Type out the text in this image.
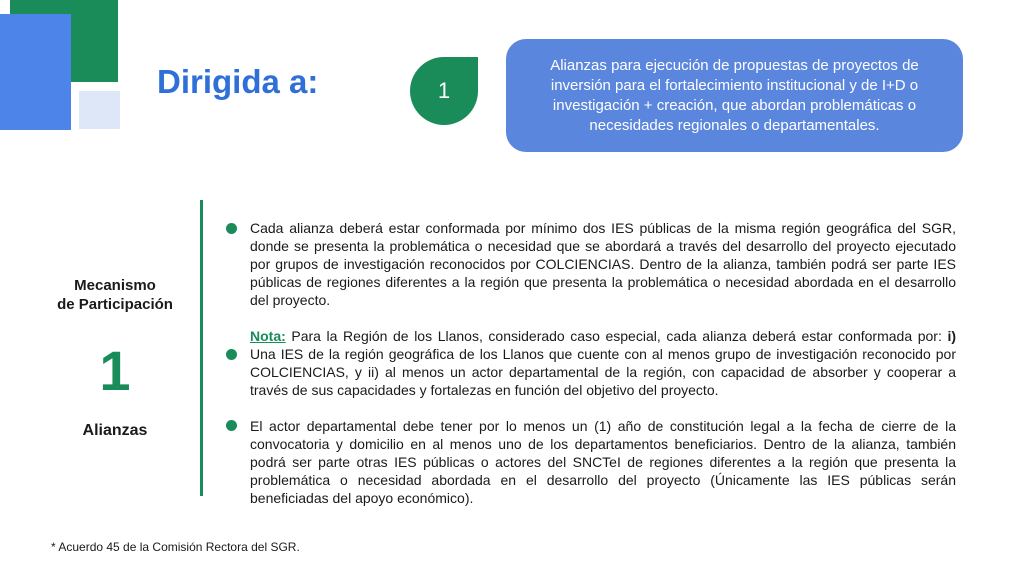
Dirigida a:	1
Alianzas para ejecución de propuestas de proyectos de inversión para el fortalecimiento institucional y de I+D o investigación + creación, que abordan problemáticas o necesidades regionales o departamentales.
Mecanismo
de Participación
1
Alianzas
Cada alianza deberá estar conformada por mínimo dos IES públicas de la misma región geográfica del SGR, donde se presenta la problemática o necesidad que se abordará a través del desarrollo del proyecto ejecutado por grupos de investigación reconocidos por COLCIENCIAS. Dentro de la alianza, también podrá ser parte IES públicas de regiones diferentes a la región que presenta la problemática o necesidad abordada en el desarrollo del proyecto.
Nota: Para la Región de los Llanos, considerado caso especial, cada alianza deberá estar conformada por: i) Una IES de la región geográfica de los Llanos que cuente con al menos grupo de investigación reconocido por COLCIENCIAS, y ii) al menos un actor departamental de la región, con capacidad de absorber y cooperar a través de sus capacidades y fortalezas en función del objetivo del proyecto.
El actor departamental debe tener por lo menos un (1) año de constitución legal a la fecha de cierre de la convocatoria y domicilio en al menos uno de los departamentos beneficiarios. Dentro de la alianza, también podrá ser parte otras IES públicas o actores del SNCTeI de regiones diferentes a la región que presenta la problemática o necesidad abordada en el desarrollo del proyecto (Únicamente las IES públicas serán beneficiadas del apoyo económico).
* Acuerdo 45 de la Comisión Rectora del SGR.
